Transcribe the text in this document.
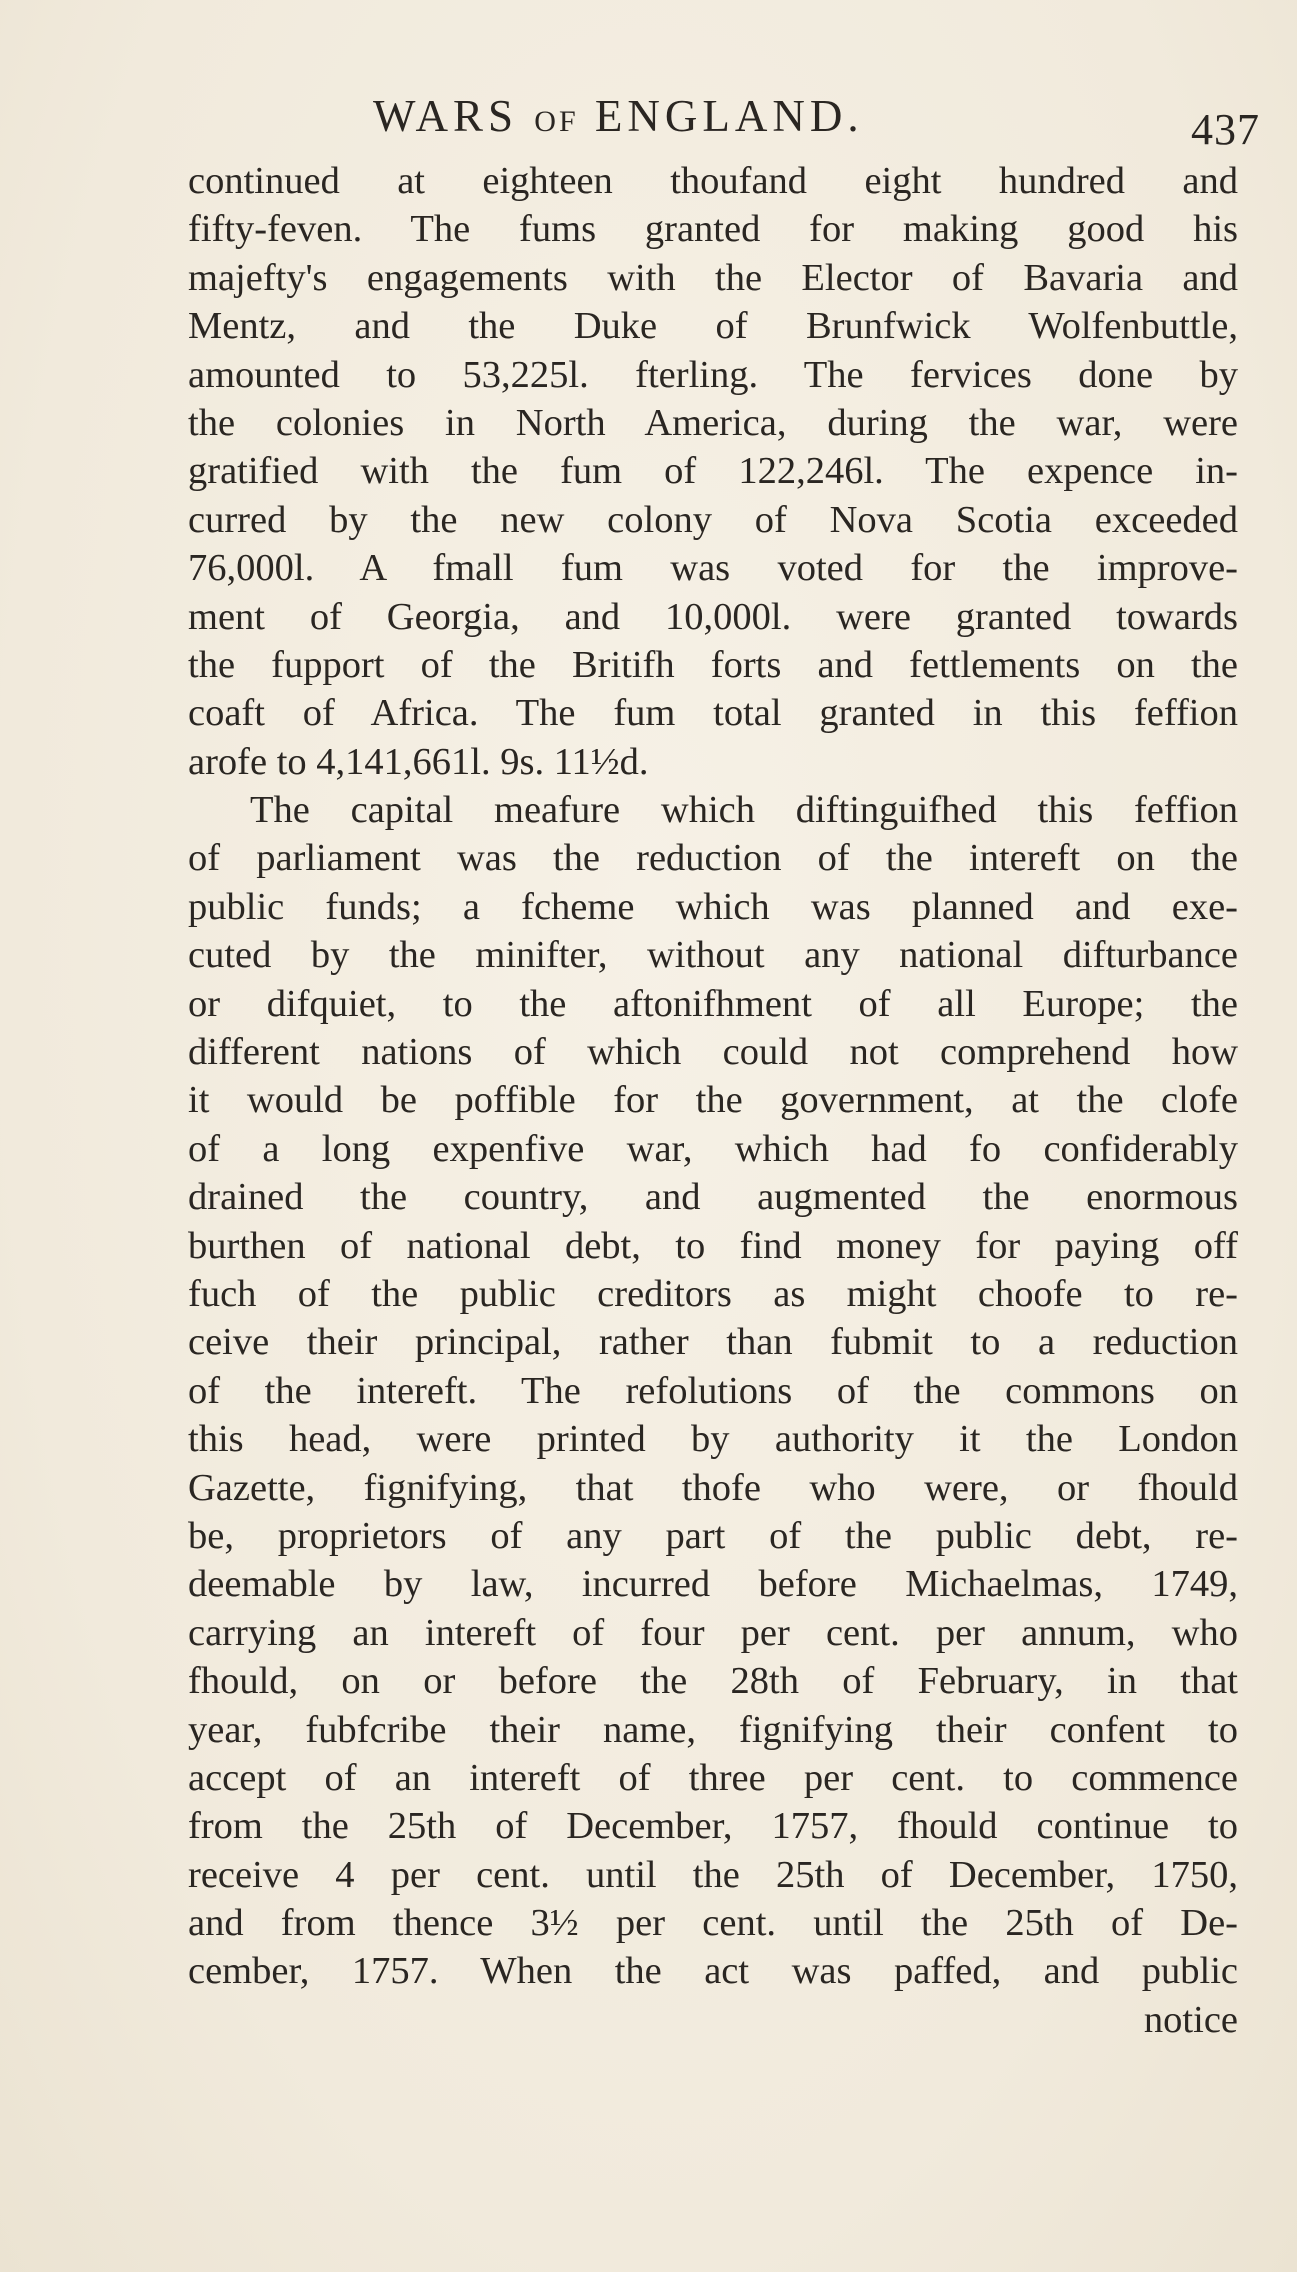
WARS OF ENGLAND.	437
continued at eighteen thoufand eight hundred and
fifty-feven. The fums granted for making good his
majefty's engagements with the Elector of Bavaria and
Mentz, and the Duke of Brunfwick Wolfenbuttle,
amounted to 53,225l. fterling. The fervices done by
the colonies in North America, during the war, were
gratified with the fum of 122,246l. The expence in-
curred by the new colony of Nova Scotia exceeded
76,000l. A fmall fum was voted for the improve-
ment of Georgia, and 10,000l. were granted towards
the fupport of the Britifh forts and fettlements on the
coaft of Africa. The fum total granted in this feffion
arofe to 4,141,661l. 9s. 11½d.
The capital meafure which diftinguifhed this feffion
of parliament was the reduction of the intereft on the
public funds; a fcheme which was planned and exe-
cuted by the minifter, without any national difturbance
or difquiet, to the aftonifhment of all Europe; the
different nations of which could not comprehend how
it would be poffible for the government, at the clofe
of a long expenfive war, which had fo confiderably
drained the country, and augmented the enormous
burthen of national debt, to find money for paying off
fuch of the public creditors as might choofe to re-
ceive their principal, rather than fubmit to a reduction
of the intereft. The refolutions of the commons on
this head, were printed by authority it the London
Gazette, fignifying, that thofe who were, or fhould
be, proprietors of any part of the public debt, re-
deemable by law, incurred before Michaelmas, 1749,
carrying an intereft of four per cent. per annum, who
fhould, on or before the 28th of February, in that
year, fubfcribe their name, fignifying their confent to
accept of an intereft of three per cent. to commence
from the 25th of December, 1757, fhould continue to
receive 4 per cent. until the 25th of December, 1750,
and from thence 3½ per cent. until the 25th of De-
cember, 1757. When the act was paffed, and public
notice
